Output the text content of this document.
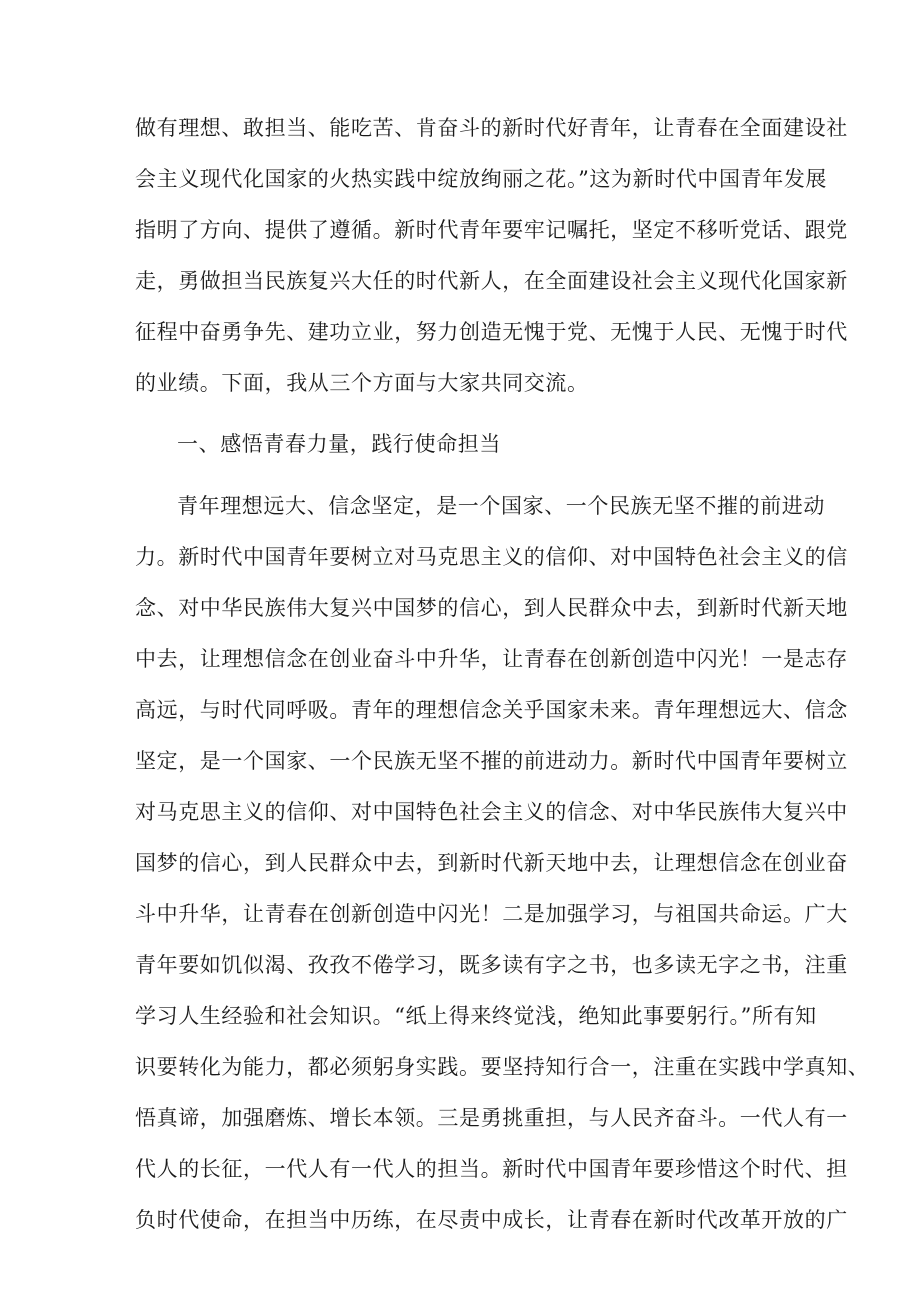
做有理想、敢担当、能吃苦、肯奋斗的新时代好青年，让青春在全面建设社
会主义现代化国家的火热实践中绽放绚丽之花。”这为新时代中国青年发展
指明了方向、提供了遵循。新时代青年要牢记嘱托，坚定不移听党话、跟党
走，勇做担当民族复兴大任的时代新人，在全面建设社会主义现代化国家新
征程中奋勇争先、建功立业，努力创造无愧于党、无愧于人民、无愧于时代
的业绩。下面，我从三个方面与大家共同交流。
一、感悟青春力量，践行使命担当
青年理想远大、信念坚定，是一个国家、一个民族无坚不摧的前进动
力。新时代中国青年要树立对马克思主义的信仰、对中国特色社会主义的信
念、对中华民族伟大复兴中国梦的信心，到人民群众中去，到新时代新天地
中去，让理想信念在创业奋斗中升华，让青春在创新创造中闪光！一是志存
高远，与时代同呼吸。青年的理想信念关乎国家未来。青年理想远大、信念
坚定，是一个国家、一个民族无坚不摧的前进动力。新时代中国青年要树立
对马克思主义的信仰、对中国特色社会主义的信念、对中华民族伟大复兴中
国梦的信心，到人民群众中去，到新时代新天地中去，让理想信念在创业奋
斗中升华，让青春在创新创造中闪光！二是加强学习，与祖国共命运。广大
青年要如饥似渴、孜孜不倦学习，既多读有字之书，也多读无字之书，注重
学习人生经验和社会知识。“纸上得来终觉浅，绝知此事要躬行。”所有知
识要转化为能力，都必须躬身实践。要坚持知行合一，注重在实践中学真知、
悟真谛，加强磨炼、增长本领。三是勇挑重担，与人民齐奋斗。一代人有一
代人的长征，一代人有一代人的担当。新时代中国青年要珍惜这个时代、担
负时代使命，在担当中历练，在尽责中成长，让青春在新时代改革开放的广
